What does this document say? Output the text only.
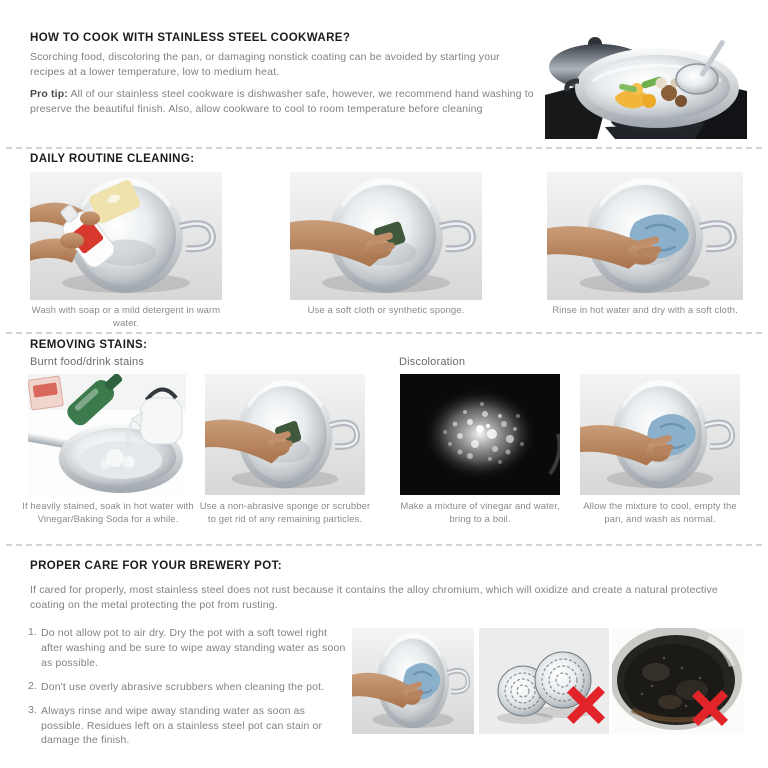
HOW TO COOK WITH STAINLESS STEEL COOKWARE?
Scorching food, discoloring the pan, or damaging nonstick coating can be avoided by starting your recipes at a lower temperature, low to medium heat.
Pro tip: All of our stainless steel cookware is dishwasher safe, however, we recommend hand washing to preserve the beautiful finish. Also, allow cookware to cool to room temperature before cleaning
DAILY ROUTINE CLEANING:
Wash with soap or a mild detergent in warm water.
Use a soft cloth or synthetic sponge.	Rinse in hot water and dry with a soft cloth.
REMOVING STAINS:
Burnt food/drink stains	Discoloration
If heavily stained, soak in hot water with Vinegar/Baking Soda for a while.
Use a non-abrasive sponge or scrubber to get rid of any remaining particles.
Make a mixture of vinegar and water, bring to a boil.
Allow the mixture to cool, empty the pan, and wash as normal.
PROPER CARE FOR YOUR BREWERY POT:
If cared for properly, most stainless steel does not rust because it contains the alloy chromium, which will oxidize and create a natural protective coating on the metal protecting the pot from rusting.
1. Do not allow pot to air dry. Dry the pot with a soft towel right after washing and be sure to wipe away standing water as soon as possible.
2. Don't use overly abrasive scrubbers when cleaning the pot.
3. Always rinse and wipe away standing water as soon as possible. Residues left on a stainless steel pot can stain or damage the finish.
